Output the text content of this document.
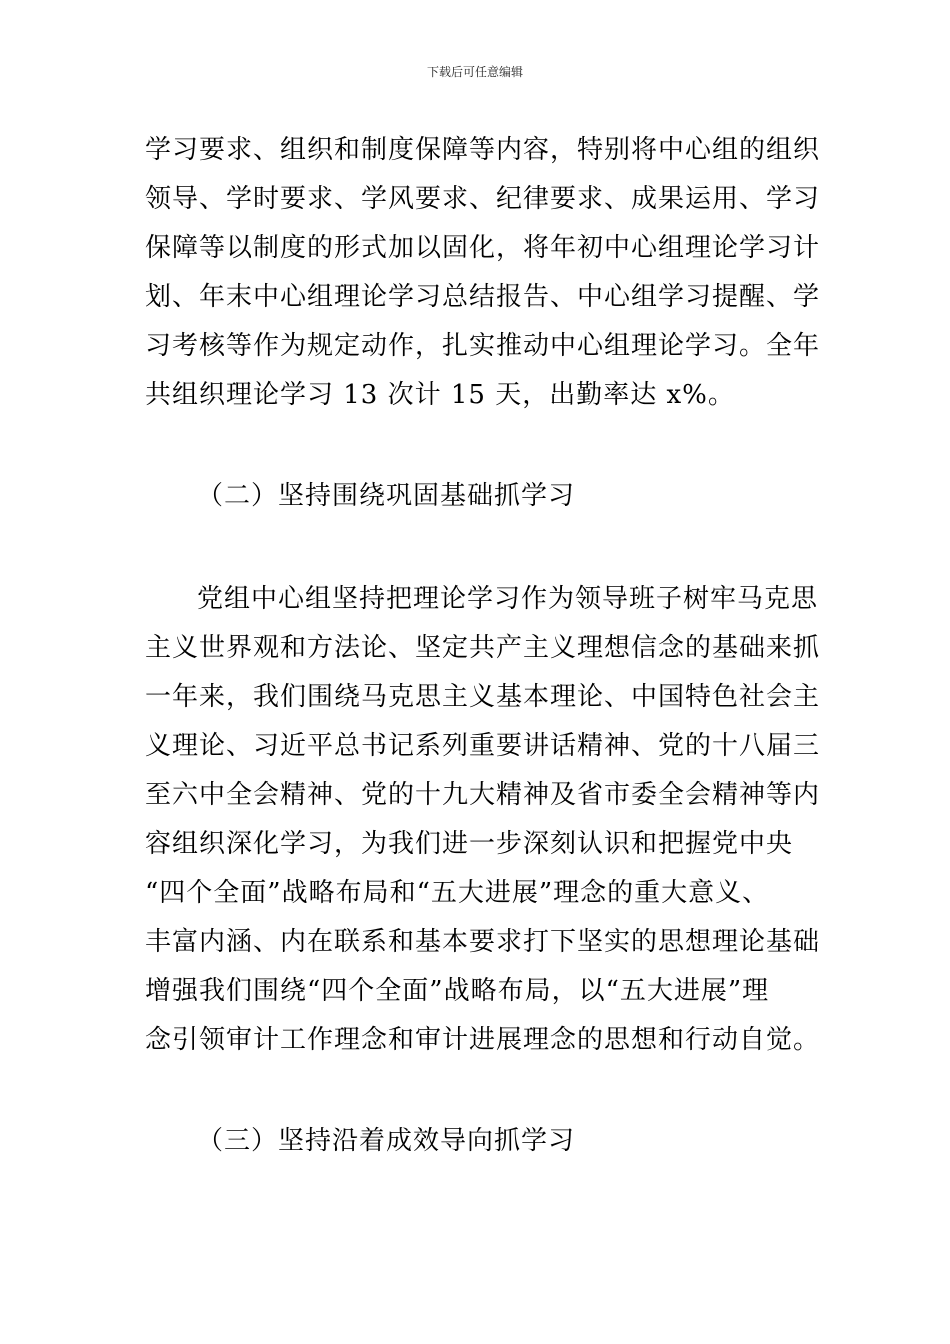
下载后可任意编辑
学习要求、组织和制度保障等内容，特别将中心组的组织
领导、学时要求、学风要求、纪律要求、成果运用、学习
保障等以制度的形式加以固化，将年初中心组理论学习计
划、年末中心组理论学习总结报告、中心组学习提醒、学
习考核等作为规定动作，扎实推动中心组理论学习。全年
共组织理论学习 13 次计 15 天，出勤率达 x%。
（二）坚持围绕巩固基础抓学习
党组中心组坚持把理论学习作为领导班子树牢马克思
主义世界观和方法论、坚定共产主义理想信念的基础来抓
一年来，我们围绕马克思主义基本理论、中国特色社会主
义理论、习近平总书记系列重要讲话精神、党的十八届三
至六中全会精神、党的十九大精神及省市委全会精神等内
容组织深化学习，为我们进一步深刻认识和把握党中央
“四个全面”战略布局和“五大进展”理念的重大意义、
丰富内涵、内在联系和基本要求打下坚实的思想理论基础
增强我们围绕“四个全面”战略布局，以“五大进展”理
念引领审计工作理念和审计进展理念的思想和行动自觉。
（三）坚持沿着成效导向抓学习
